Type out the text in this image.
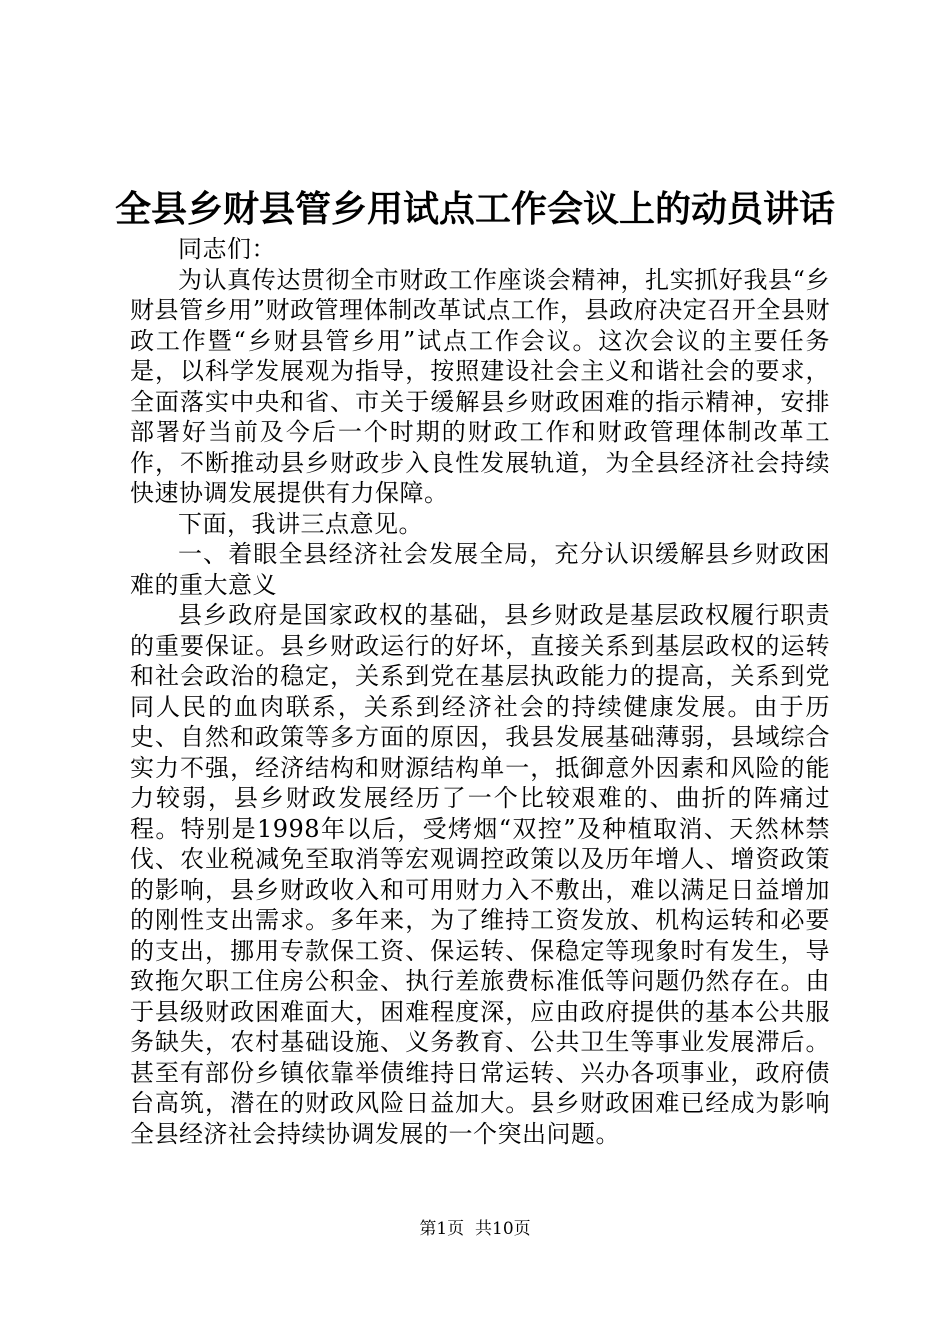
全县乡财县管乡用试点工作会议上的动员讲话

同志们：

为认真传达贯彻全市财政工作座谈会精神，扎实抓好我县“乡财县管乡用”财政管理体制改革试点工作，县政府决定召开全县财政工作暨“乡财县管乡用”试点工作会议。这次会议的主要任务是，以科学发展观为指导，按照建设社会主义和谐社会的要求，全面落实中央和省、市关于缓解县乡财政困难的指示精神，安排部署好当前及今后一个时期的财政工作和财政管理体制改革工作，不断推动县乡财政步入良性发展轨道，为全县经济社会持续快速协调发展提供有力保障。

下面，我讲三点意见。

一、着眼全县经济社会发展全局，充分认识缓解县乡财政困难的重大意义

县乡政府是国家政权的基础，县乡财政是基层政权履行职责的重要保证。县乡财政运行的好坏，直接关系到基层政权的运转和社会政治的稳定，关系到党在基层执政能力的提高，关系到党同人民的血肉联系，关系到经济社会的持续健康发展。由于历史、自然和政策等多方面的原因，我县发展基础薄弱，县域综合实力不强，经济结构和财源结构单一，抵御意外因素和风险的能力较弱，县乡财政发展经历了一个比较艰难的、曲折的阵痛过程。特别是1998年以后，受烤烟“双控”及种植取消、天然林禁伐、农业税减免至取消等宏观调控政策以及历年增人、增资政策的影响，县乡财政收入和可用财力入不敷出，难以满足日益增加的刚性支出需求。多年来，为了维持工资发放、机构运转和必要的支出，挪用专款保工资、保运转、保稳定等现象时有发生，导致拖欠职工住房公积金、执行差旅费标准低等问题仍然存在。由于县级财政困难面大，困难程度深，应由政府提供的基本公共服务缺失，农村基础设施、义务教育、公共卫生等事业发展滞后。甚至有部份乡镇依靠举债维持日常运转、兴办各项事业，政府债台高筑，潜在的财政风险日益加大。县乡财政困难已经成为影响全县经济社会持续协调发展的一个突出问题。

第1页 共10页
